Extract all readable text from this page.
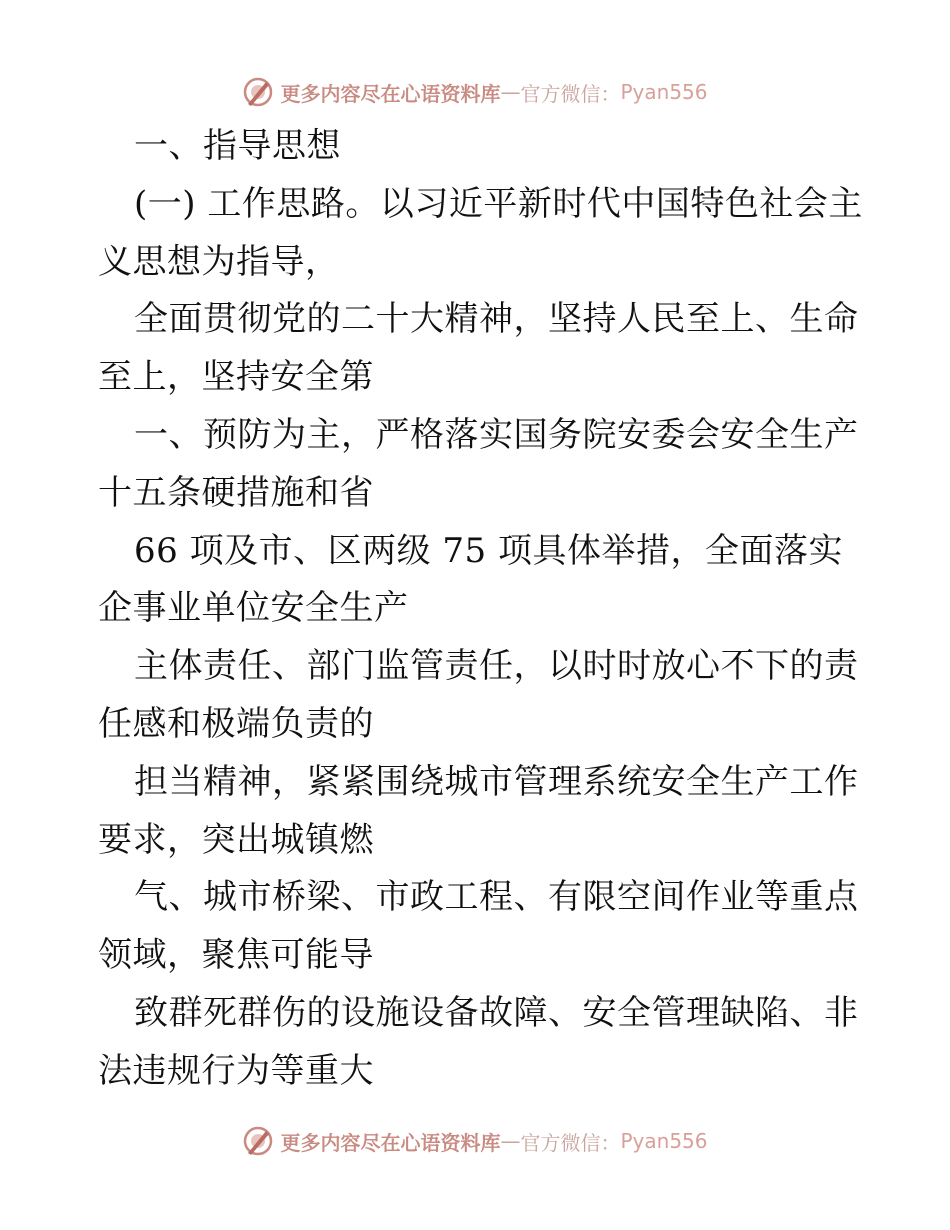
更多内容尽在心语资料库 — 官方微信： Pyan556
一、指导思想
(一) 工作思路。以习近平新时代中国特色社会主
义思想为指导，
全面贯彻党的二十大精神，坚持人民至上、生命
至上，坚持安全第
一、预防为主，严格落实国务院安委会安全生产
十五条硬措施和省
66 项及市、区两级 75 项具体举措，全面落实
企事业单位安全生产
主体责任、部门监管责任，以时时放心不下的责
任感和极端负责的
担当精神，紧紧围绕城市管理系统安全生产工作
要求，突出城镇燃
气、城市桥梁、市政工程、有限空间作业等重点
领域，聚焦可能导
致群死群伤的设施设备故障、安全管理缺陷、非
法违规行为等重大
更多内容尽在心语资料库 — 官方微信： Pyan556
